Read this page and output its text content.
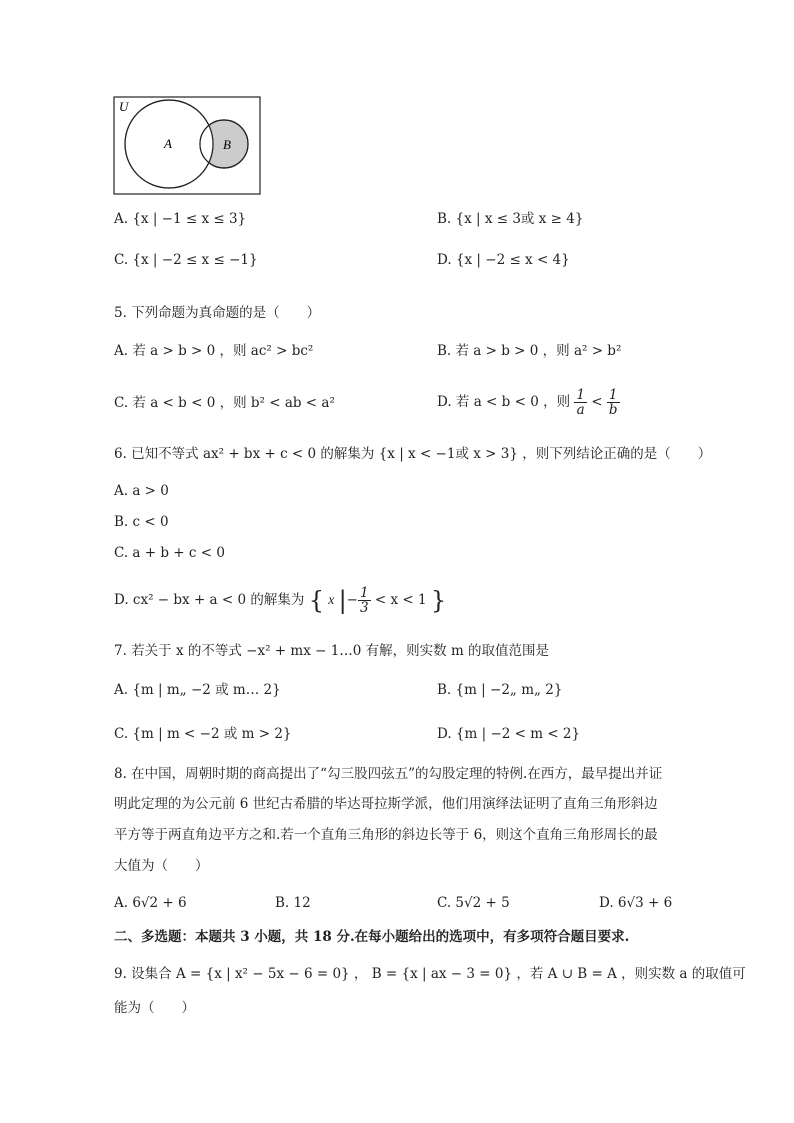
U
A	B
A. {x | −1 ≤ x ≤ 3}	B. {x | x ≤ 3或 x ≥ 4}
C. {x | −2 ≤ x ≤ −1}	D. {x | −2 ≤ x < 4}
5. 下列命题为真命题的是（　　）
A. 若 a > b > 0 ，则 ac² > bc²	B. 若 a > b > 0 ，则 a² > b²
C. 若 a < b < 0 ，则 b² < ab < a²	D. 若 a < b < 0 ，则 $\frac{1}{a} < \frac{1}{b}$
6. 已知不等式 ax² + bx + c < 0 的解集为 {x | x < −1或 x > 3} ，则下列结论正确的是（　　）
A. a > 0
B. c < 0
C. a + b + c < 0
D. cx² − bx + a < 0 的解集为 { x |− $\frac{1}{3} < x < 1$ }
7. 若关于 x 的不等式 −x² + mx − 1…0 有解，则实数 m 的取值范围是
A. {m | m„ −2 或 m… 2}	B. {m | −2„ m„ 2}
C. {m | m < −2 或 m > 2}	D. {m | −2 < m < 2}
8. 在中国，周朝时期的商高提出了“勾三股四弦五”的勾股定理的特例.在西方，最早提出并证
明此定理的为公元前 6 世纪古希腊的毕达哥拉斯学派，他们用演绎法证明了直角三角形斜边
平方等于两直角边平方之和.若一个直角三角形的斜边长等于 6，则这个直角三角形周长的最
大值为（　　）
A. 6√2 + 6	B. 12	C. 5√2 + 5	D. 6√3 + 6
二、多选题：本题共 3 小题，共 18 分.在每小题给出的选项中，有多项符合题目要求.
9. 设集合 A = {x | x² − 5x − 6 = 0} ， B = {x | ax − 3 = 0} ，若 A ∪ B = A ，则实数 a 的取值可
能为（　　）
